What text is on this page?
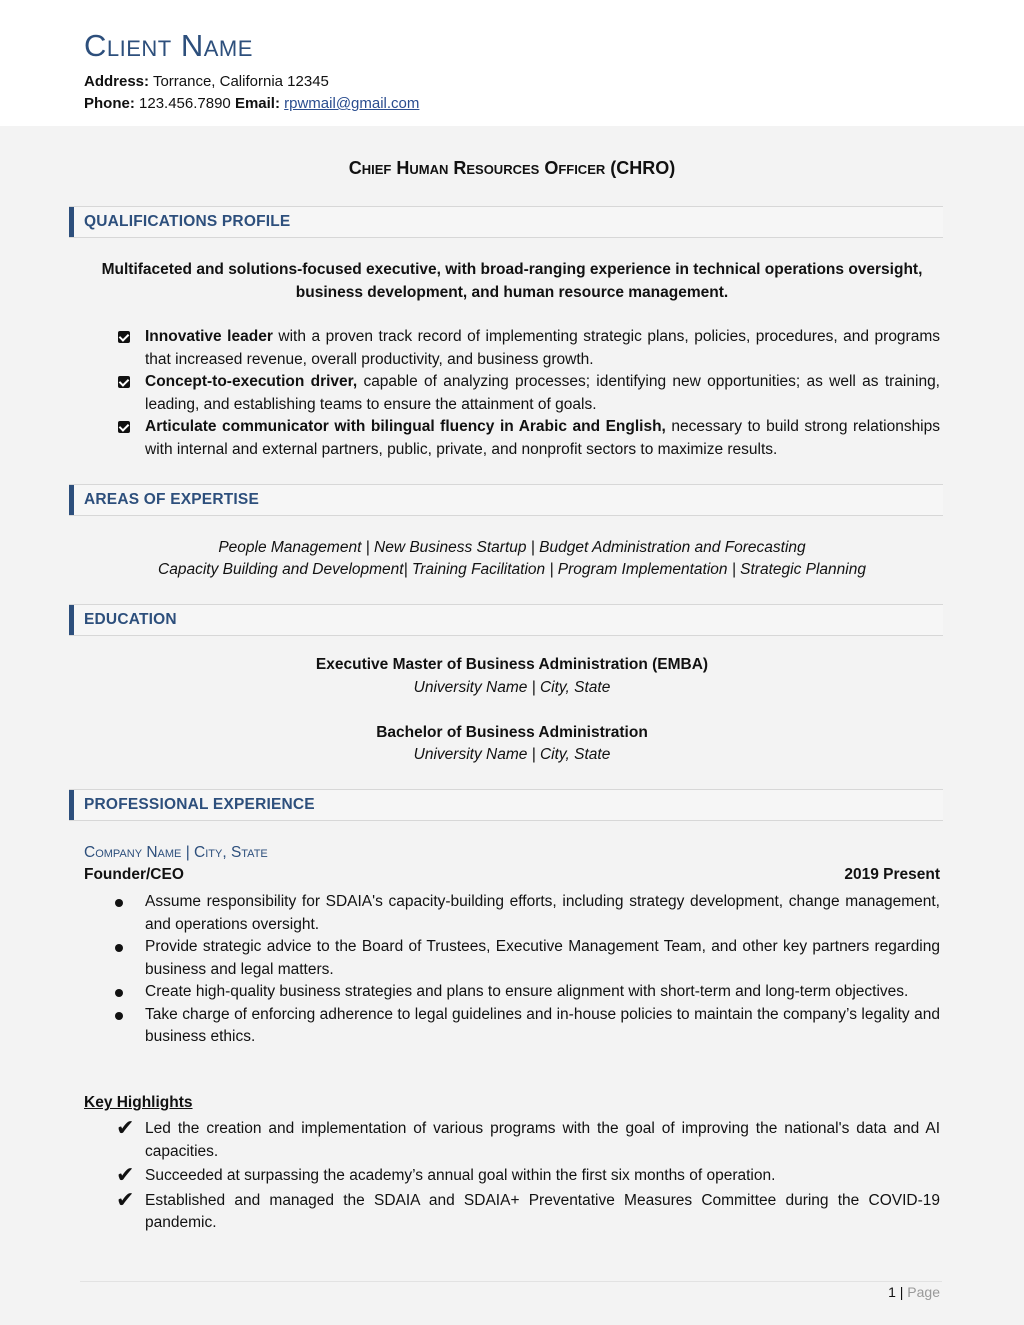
Client Name
Address: Torrance, California 12345
Phone: 123.456.7890 Email: rpwmail@gmail.com
Chief Human Resources Officer (CHRO)
QUALIFICATIONS PROFILE
Multifaceted and solutions-focused executive, with broad-ranging experience in technical operations oversight, business development, and human resource management.
Innovative leader with a proven track record of implementing strategic plans, policies, procedures, and programs that increased revenue, overall productivity, and business growth.
Concept-to-execution driver, capable of analyzing processes; identifying new opportunities; as well as training, leading, and establishing teams to ensure the attainment of goals.
Articulate communicator with bilingual fluency in Arabic and English, necessary to build strong relationships with internal and external partners, public, private, and nonprofit sectors to maximize results.
AREAS OF EXPERTISE
People Management | New Business Startup | Budget Administration and Forecasting
Capacity Building and Development| Training Facilitation | Program Implementation | Strategic Planning
EDUCATION
Executive Master of Business Administration (EMBA)
University Name | City, State
Bachelor of Business Administration
University Name | City, State
PROFESSIONAL EXPERIENCE
Company Name | City, State
Founder/CEO	2019 Present
Assume responsibility for SDAIA's capacity-building efforts, including strategy development, change management, and operations oversight.
Provide strategic advice to the Board of Trustees, Executive Management Team, and other key partners regarding business and legal matters.
Create high-quality business strategies and plans to ensure alignment with short-term and long-term objectives.
Take charge of enforcing adherence to legal guidelines and in-house policies to maintain the company’s legality and business ethics.
Key Highlights
✔ Led the creation and implementation of various programs with the goal of improving the national's data and AI capacities.
✔ Succeeded at surpassing the academy’s annual goal within the first six months of operation.
✔ Established and managed the SDAIA and SDAIA+ Preventative Measures Committee during the COVID-19 pandemic.
1 | Page
